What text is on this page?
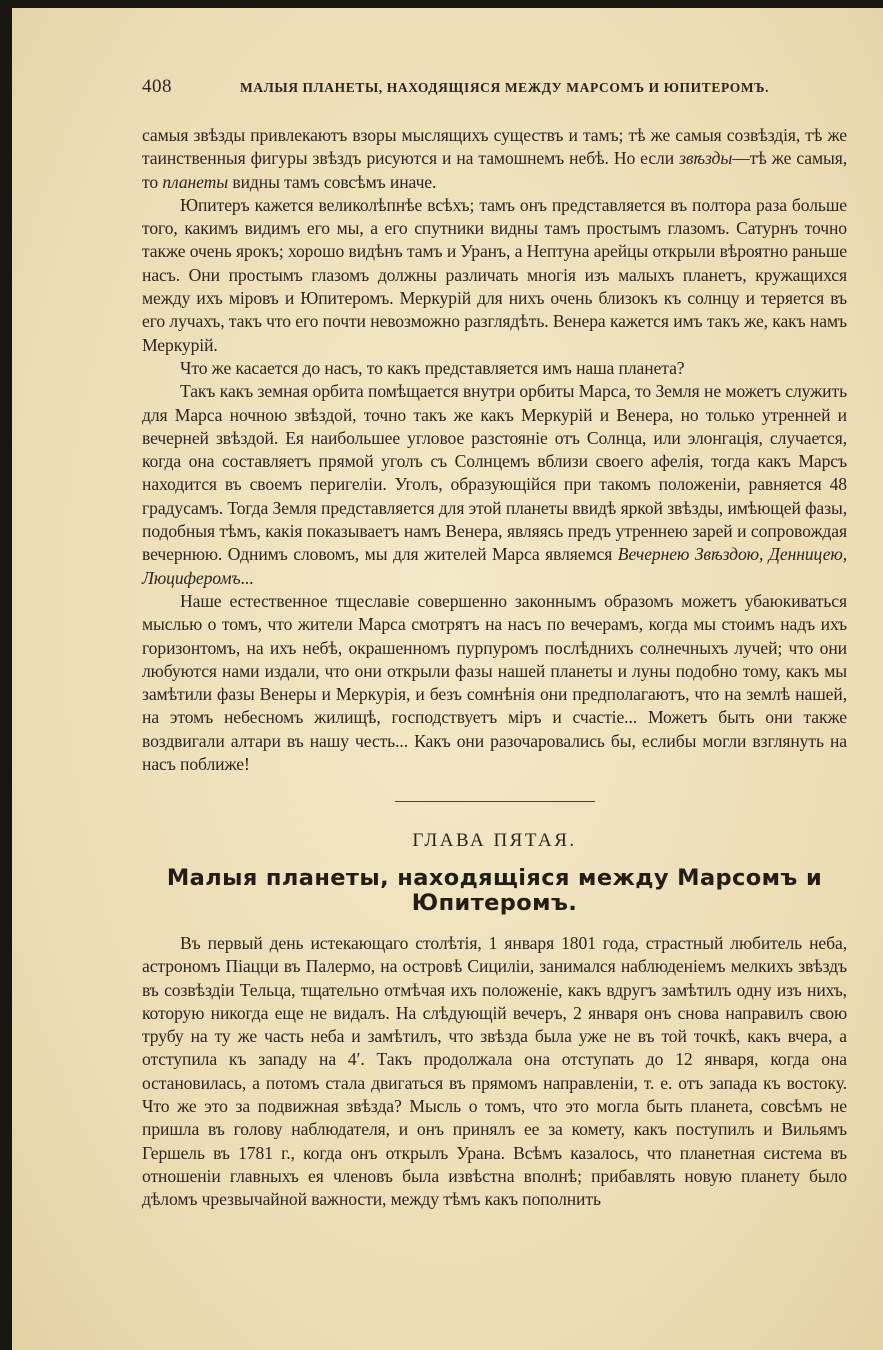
408	МАЛЫЯ ПЛАНЕТЫ, НАХОДЯЩІЯСЯ МЕЖДУ МАРСОМЪ И ЮПИТЕРОМЪ.

самыя звѣзды привлекаютъ взоры мыслящихъ существъ и тамъ; тѣ же самыя созвѣздія, тѣ же таинственныя фигуры звѣздъ рисуются и на тамошнемъ небѣ. Но если звѣзды—тѣ же самыя, то планеты видны тамъ совсѣмъ иначе.

Юпитеръ кажется великолѣпнѣе всѣхъ; тамъ онъ представляется въ полтора раза больше того, какимъ видимъ его мы, а его спутники видны тамъ простымъ глазомъ. Сатурнъ точно также очень ярокъ; хорошо видѣнъ тамъ и Уранъ, а Нептуна арейцы открыли вѣроятно раньше насъ. Они простымъ глазомъ должны различать многія изъ малыхъ планетъ, кружащихся между ихъ міровъ и Юпитеромъ. Меркурій для нихъ очень близокъ къ солнцу и теряется въ его лучахъ, такъ что его почти невозможно разглядѣть. Венера кажется имъ такъ же, какъ намъ Меркурій.

Что же касается до насъ, то какъ представляется имъ наша планета?

Такъ какъ земная орбита помѣщается внутри орбиты Марса, то Земля не можетъ служить для Марса ночною звѣздой, точно такъ же какъ Меркурій и Венера, но только утренней и вечерней звѣздой. Ея наибольшее угловое разстояніе отъ Солнца, или элонгація, случается, когда она составляетъ прямой уголъ съ Солнцемъ вблизи своего афелія, тогда какъ Марсъ находится въ своемъ перигеліи. Уголъ, образующійся при такомъ положеніи, равняется 48 градусамъ. Тогда Земля представляется для этой планеты ввидѣ яркой звѣзды, имѣющей фазы, подобныя тѣмъ, какія показываетъ намъ Венера, являясь предъ утреннею зарей и сопровождая вечернюю. Однимъ словомъ, мы для жителей Марса являемся Вечернею Звѣздою, Денницею, Люциферомъ...

Наше естественное тщеславіе совершенно законнымъ образомъ можетъ убаюкиваться мыслью о томъ, что жители Марса смотрятъ на насъ по вечерамъ, когда мы стоимъ надъ ихъ горизонтомъ, на ихъ небѣ, окрашенномъ пурпуромъ послѣднихъ солнечныхъ лучей; что они любуются нами издали, что они открыли фазы нашей планеты и луны подобно тому, какъ мы замѣтили фазы Венеры и Меркурія, и безъ сомнѣнія они предполагаютъ, что на землѣ нашей, на этомъ небесномъ жилищѣ, господствуетъ міръ и счастіе... Можетъ быть они также воздвигали алтари въ нашу честь... Какъ они разочаровались бы, еслибы могли взглянуть на насъ поближе!

ГЛАВА ПЯТАЯ.
Малыя планеты, находящіяся между Марсомъ и Юпитеромъ.

Въ первый день истекающаго столѣтія, 1 января 1801 года, страстный любитель неба, астрономъ Піацци въ Палермо, на островѣ Сициліи, занимался наблюденіемъ мелкихъ звѣздъ въ созвѣздіи Тельца, тщательно отмѣчая ихъ положеніе, какъ вдругъ замѣтилъ одну изъ нихъ, которую никогда еще не видалъ. На слѣдующій вечеръ, 2 января онъ снова направилъ свою трубу на ту же часть неба и замѣтилъ, что звѣзда была уже не въ той точкѣ, какъ вчера, а отступила къ западу на 4′. Такъ продолжала она отступать до 12 января, когда она остановилась, а потомъ стала двигаться въ прямомъ направленіи, т. е. отъ запада къ востоку. Что же это за подвижная звѣзда? Мысль о томъ, что это могла быть планета, совсѣмъ не пришла въ голову наблюдателя, и онъ принялъ ее за комету, какъ поступилъ и Вильямъ Гершель въ 1781 г., когда онъ открылъ Урана. Всѣмъ казалось, что планетная система въ отношеніи главныхъ ея членовъ была извѣстна вполнѣ; прибавлять новую планету было дѣломъ чрезвычайной важности, между тѣмъ какъ пополнить
